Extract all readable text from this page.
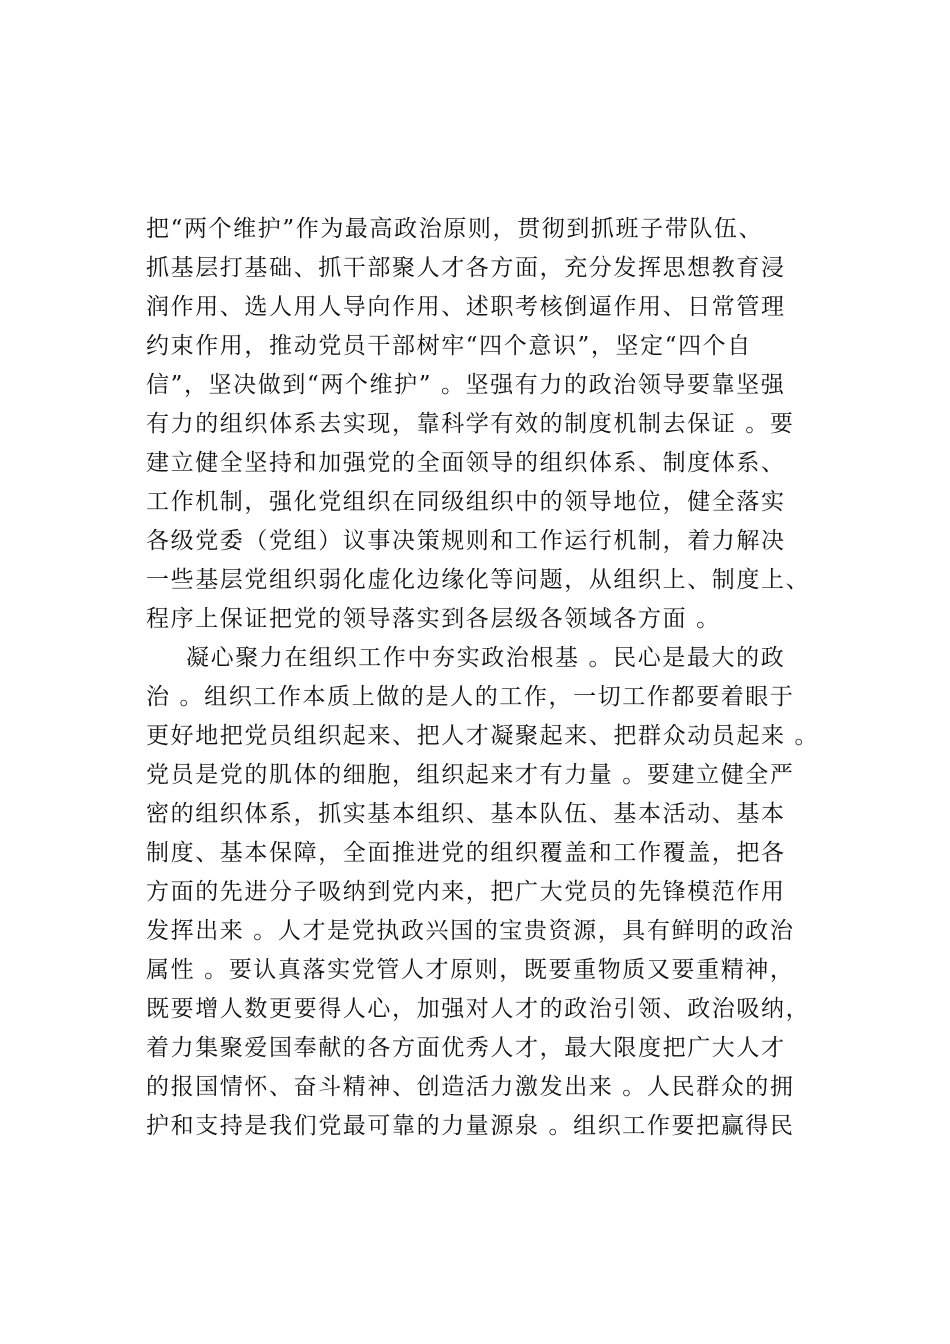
把“两个维护”作为最高政治原则，贯彻到抓班子带队伍、
抓基层打基础、抓干部聚人才各方面，充分发挥思想教育浸
润作用、选人用人导向作用、述职考核倒逼作用、日常管理
约束作用，推动党员干部树牢“四个意识”，坚定“四个自
信”，坚决做到“两个维护” 。坚强有力的政治领导要靠坚强
有力的组织体系去实现，靠科学有效的制度机制去保证 。要
建立健全坚持和加强党的全面领导的组织体系、制度体系、
工作机制，强化党组织在同级组织中的领导地位，健全落实
各级党委（党组）议事决策规则和工作运行机制，着力解决
一些基层党组织弱化虚化边缘化等问题，从组织上、制度上、
程序上保证把党的领导落实到各层级各领域各方面 。
凝心聚力在组织工作中夯实政治根基 。民心是最大的政
治 。组织工作本质上做的是人的工作，一切工作都要着眼于
更好地把党员组织起来、把人才凝聚起来、把群众动员起来 。
党员是党的肌体的细胞，组织起来才有力量 。要建立健全严
密的组织体系，抓实基本组织、基本队伍、基本活动、基本
制度、基本保障，全面推进党的组织覆盖和工作覆盖，把各
方面的先进分子吸纳到党内来，把广大党员的先锋模范作用
发挥出来 。人才是党执政兴国的宝贵资源，具有鲜明的政治
属性 。要认真落实党管人才原则，既要重物质又要重精神，
既要增人数更要得人心，加强对人才的政治引领、政治吸纳，
着力集聚爱国奉献的各方面优秀人才，最大限度把广大人才
的报国情怀、奋斗精神、创造活力激发出来 。人民群众的拥
护和支持是我们党最可靠的力量源泉 。组织工作要把赢得民
